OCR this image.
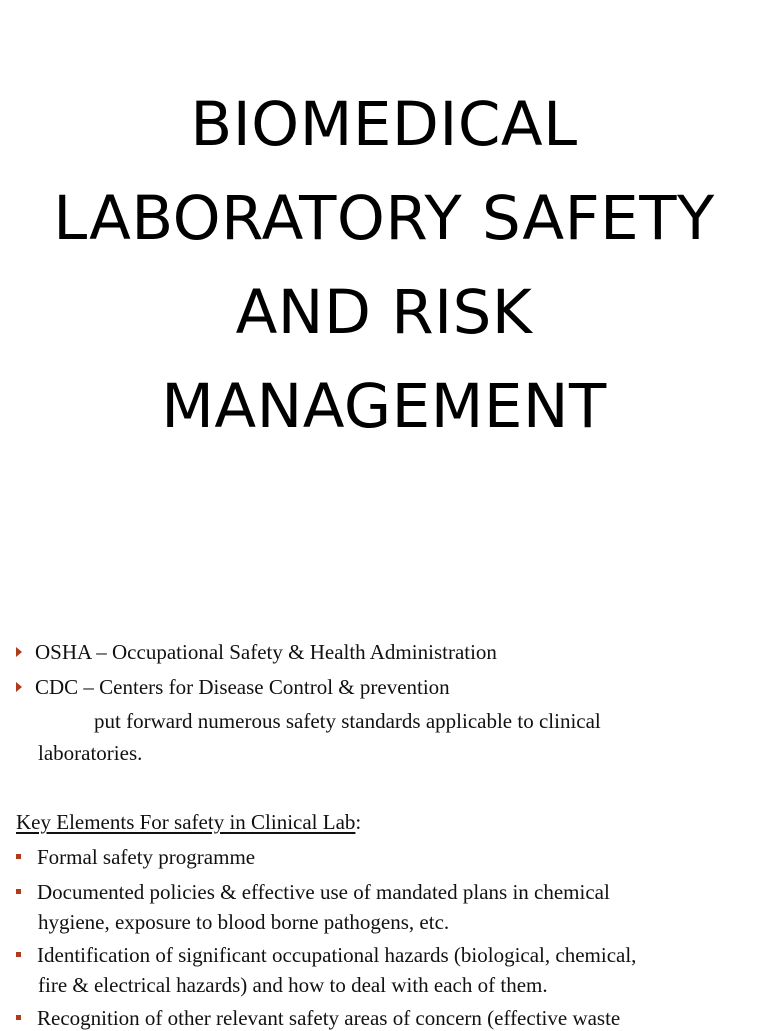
BIOMEDICAL
LABORATORY SAFETY
AND RISK
MANAGEMENT
OSHA – Occupational Safety & Health Administration
CDC – Centers for Disease Control & prevention
put forward numerous safety standards applicable to clinical
laboratories.
Key Elements For safety in Clinical Lab:
Formal safety programme
Documented policies & effective use of mandated plans in chemical
hygiene, exposure to blood borne pathogens, etc.
Identification of significant occupational hazards (biological, chemical,
fire & electrical hazards) and how to deal with each of them.
Recognition of other relevant safety areas of concern (effective waste
